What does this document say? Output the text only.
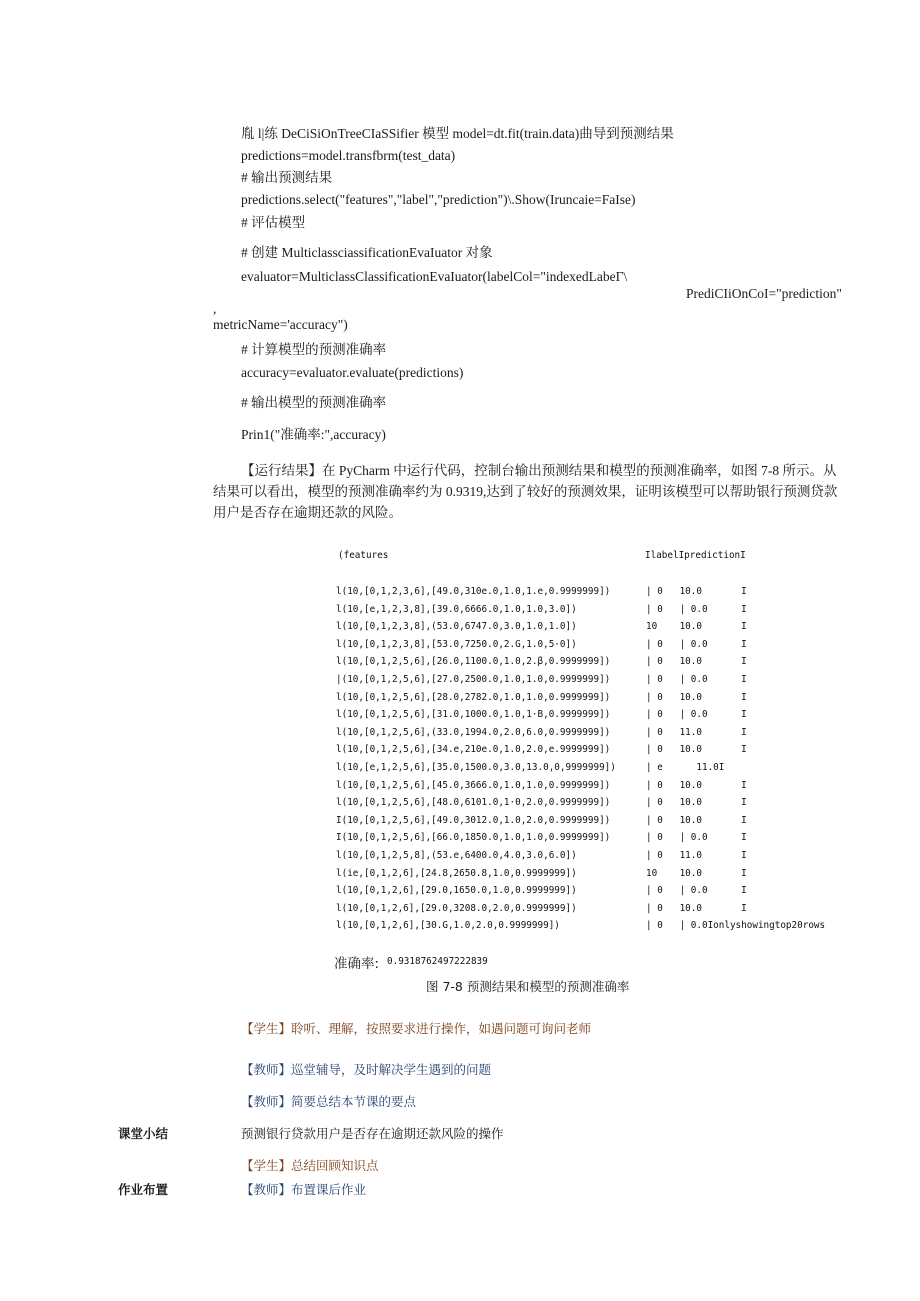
胤 l|练 DeCiSiOnTreeCIaSSifier 模型 model=dt.fit(train.data)曲导到预测结果
predictions=model.transfbrm(test_data)
# 输出预测结果
predictions.select("features","label","prediction")\.Show(Iruncaie=FaIse)
# 评估模型
# 创建 MulticlassciassificationEvaIuator 对象
evaluator=MulticlassClassificationEvaIuator(labelCol="indexedLabeΓ\
PrediCIiOnCoI="prediction"
,
metricName='accuracy")
# 计算模型的预测准确率
accuracy=evaluator.evaluate(predictions)
# 输出模型的预测准确率
Prin1("准确率:",accuracy)
【运行结果】在 PyCharm 中运行代码，控制台输出预测结果和模型的预测准确率，如图 7-8 所示。从结果可以看出，模型的预测准确率约为 0.9319,达到了较好的预测效果，证明该模型可以帮助银行预测贷款用户是否存在逾期还款的风险。
(features	IlabelIpredictionI
l(10,[0,1,2,3,6],[49.0,310e.0,1.0,1.e,0.9999999])	| 0   10.0       I
l(10,[e,1,2,3,8],[39.0,6666.0,1.0,1.0,3.0])	| 0   | 0.0      I
l(10,[0,1,2,3,8],(53.0,6747.0,3.0,1.0,1.0])	10    10.0       I
l(10,[0,1,2,3,8],[53.0,7250.0,2.G,1.0,5·0])	| 0   | 0.0      I
l(10,[0,1,2,5,6],[26.0,1100.0,1.0,2.β,0.9999999])	| 0   10.0       I
|(10,[0,1,2,5,6],[27.0,2500.0,1.0,1.0,0.9999999])	| 0   | 0.0      I
l(10,[0,1,2,5,6],[28.0,2782.0,1.0,1.0,0.9999999])	| 0   10.0       I
l(10,[0,1,2,5,6],[31.0,1000.0,1.0,1·B,0.9999999])	| 0   | 0.0      I
l(10,[0,1,2,5,6],(33.0,1994.0,2.0,6.0,0.9999999])	| 0   11.0       I
l(10,[0,1,2,5,6],[34.e,210e.0,1.0,2.0,e.9999999])	| 0   10.0       I
l(10,[e,1,2,5,6],[35.0,1500.0,3.0,13.0,0,9999999])	| e      11.0I
l(10,[0,1,2,5,6],[45.0,3666.0,1.0,1.0,0.9999999])	| 0   10.0       I
l(10,[0,1,2,5,6],[48.0,6101.0,1·0,2.0,0.9999999])	| 0   10.0       I
I(10,[0,1,2,5,6],[49.0,3012.0,1.0,2.0,0.9999999])	| 0   10.0       I
I(10,[0,1,2,5,6],[66.0,1850.0,1.0,1.0,0.9999999])	| 0   | 0.0      I
l(10,[0,1,2,5,8],(53.e,6400.0,4.0,3.0,6.0])	| 0   11.0       I
l(ie,[0,1,2,6],[24.8,2650.8,1.0,0.9999999])	10    10.0       I
l(10,[0,1,2,6],[29.0,1650.0,1.0,0.9999999])	| 0   | 0.0      I
l(10,[0,1,2,6],[29.0,3208.0,2.0,0.9999999])	| 0   10.0       I
l(10,[0,1,2,6],[30.G,1.0,2.0,0.9999999])	| 0   | 0.0Ionlyshowingtop20rows
准确率: 0.9318762497222839
图 7-8 预测结果和模型的预测准确率
【学生】聆听、理解，按照要求进行操作，如遇问题可询问老师
【教师】巡堂辅导，及时解决学生遇到的问题
【教师】简要总结本节课的要点
课堂小结	预测银行贷款用户是否存在逾期还款风险的操作
【学生】总结回顾知识点
作业布置	【教师】布置课后作业
